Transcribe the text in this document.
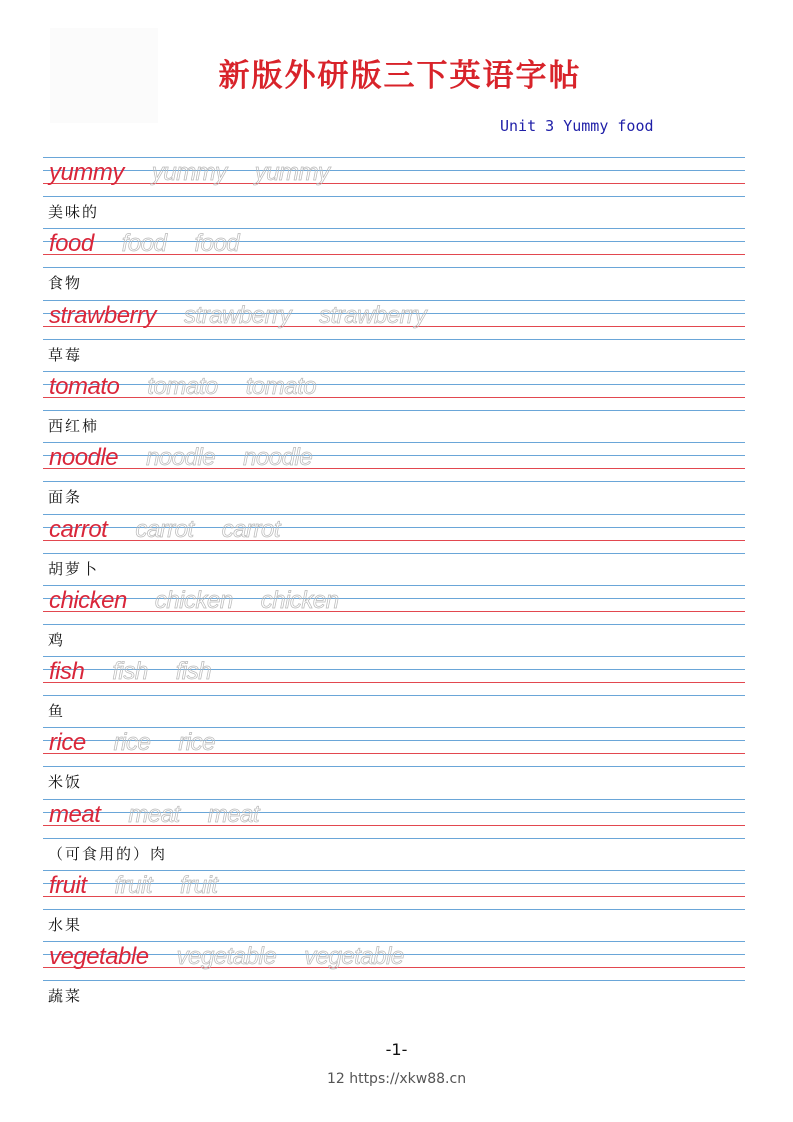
新版外研版三下英语字帖
Unit 3 Yummy food
yummy yummy yummy
美味的
food food food
食物
strawberry strawberry strawberry
草莓
tomato tomato tomato
西红柿
noodle noodle noodle
面条
carrot carrot carrot
胡萝卜
chicken chicken chicken
鸡
fish fish fish
鱼
rice rice rice
米饭
meat meat meat
（可食用的）肉
fruit fruit fruit
水果
vegetable vegetable vegetable
蔬菜
-1-
12 https://xkw88.cn
